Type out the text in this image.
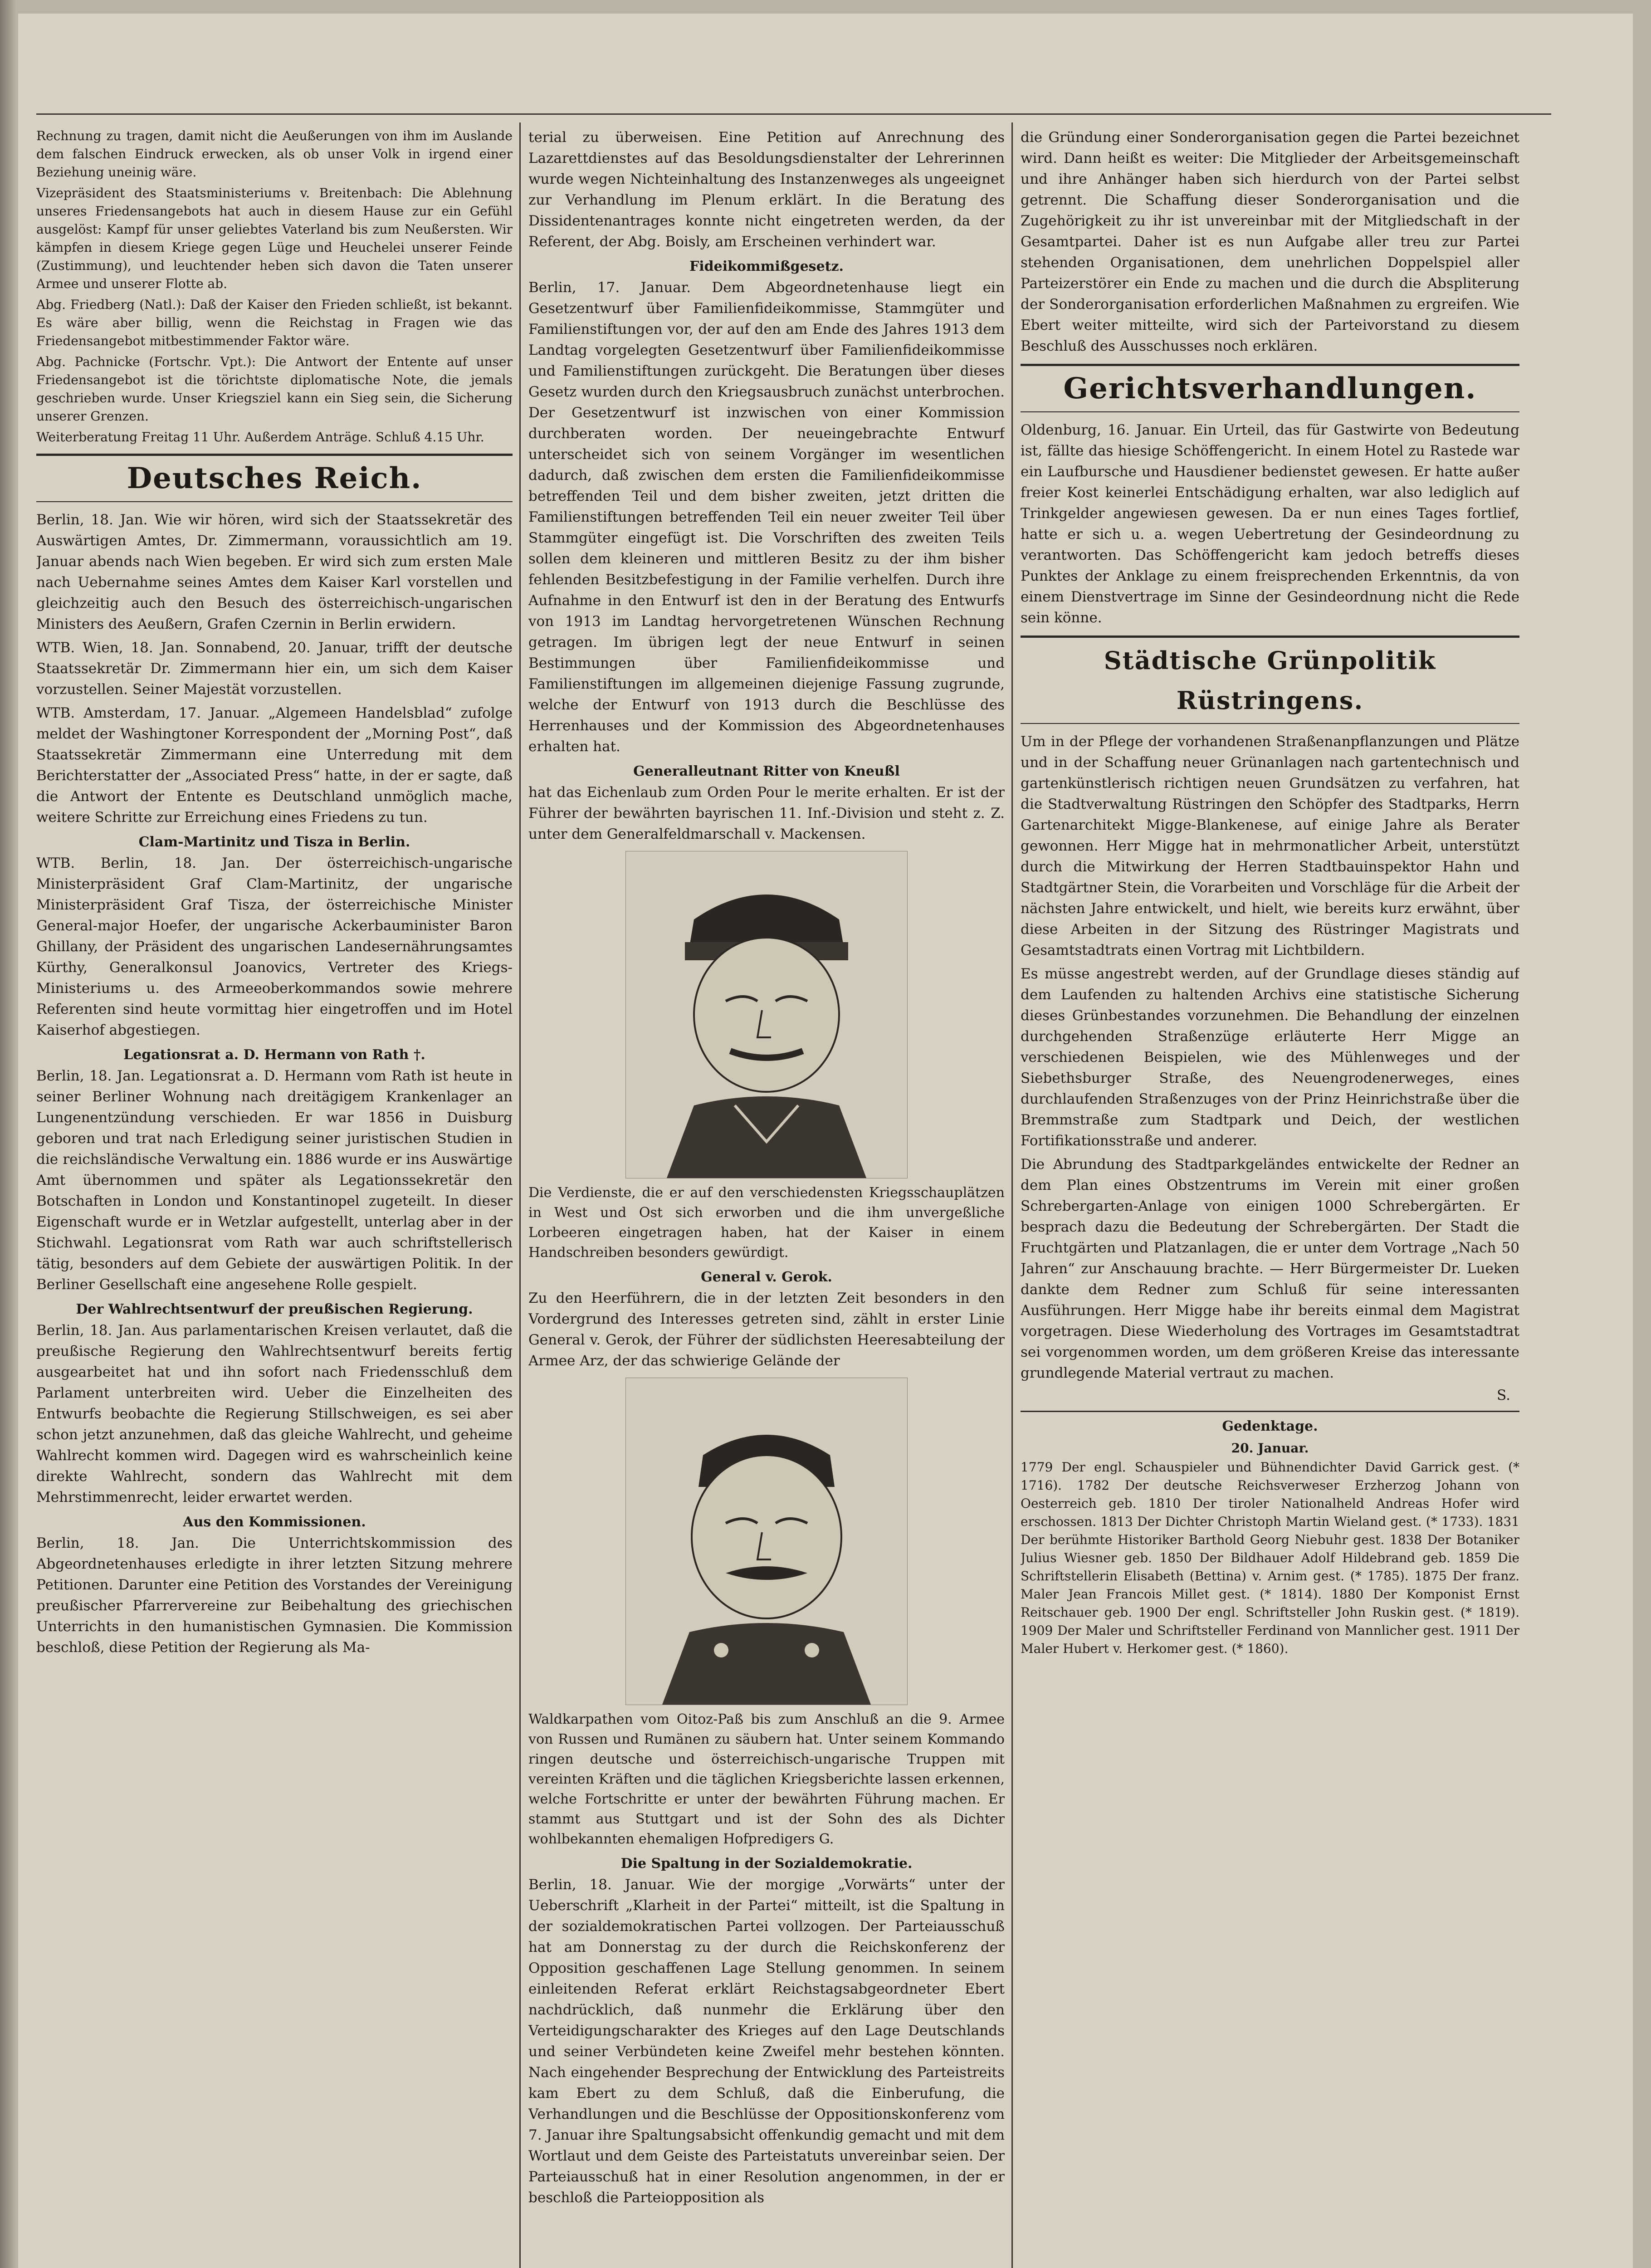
Rechnung zu tragen, damit nicht die Aeußerungen von ihm im Auslande dem falschen Eindruck erwecken, als ob unser Volk in irgend einer Beziehung uneinig wäre.

Vizepräsident des Staatsministeriums v. Breitenbach: Die Ablehnung unseres Friedensangebots hat auch in diesem Hause zur ein Gefühl ausgelöst: Kampf für unser geliebtes Vaterland bis zum Neußersten. Wir kämpfen in diesem Kriege gegen Lüge und Heuchelei unserer Feinde (Zustimmung), und leuchtender heben sich davon die Taten unserer Armee und unserer Flotte ab.

Abg. Friedberg (Natl.): Daß der Kaiser den Frieden schließt, ist bekannt. Es wäre aber billig, wenn die Reichstag in Fragen wie das Friedensangebot mitbestimmender Faktor wäre.

Abg. Pachnicke (Fortschr. Vpt.): Die Antwort der Entente auf unser Friedensangebot ist die törichtste diplomatische Note, die jemals geschrieben wurde. Unser Kriegsziel kann ein Sieg sein, die Sicherung unserer Grenzen.

Weiterberatung Freitag 11 Uhr. Außerdem Anträge. Schluß 4.15 Uhr.

Deutsches Reich.

Berlin, 18. Jan. Wie wir hören, wird sich der Staatssekretär des Auswärtigen Amtes, Dr. Zimmermann, voraussichtlich am 19. Januar abends nach Wien begeben. Er wird sich zum ersten Male nach Uebernahme seines Amtes dem Kaiser Karl vorstellen und gleichzeitig auch den Besuch des österreichisch-ungarischen Ministers des Aeußern, Grafen Czernin in Berlin erwidern.

WTB. Wien, 18. Jan. Sonnabend, 20. Januar, trifft der deutsche Staatssekretär Dr. Zimmermann hier ein, um sich dem Kaiser vorzustellen. Seiner Majestät vorzustellen.

WTB. Amsterdam, 17. Januar. „Algemeen Handelsblad“ zufolge meldet der Washingtoner Korrespondent der „Morning Post“, daß Staatssekretär Zimmermann eine Unterredung mit dem Berichterstatter der „Associated Press“ hatte, in der er sagte, daß die Antwort der Entente es Deutschland unmöglich mache, weitere Schritte zur Erreichung eines Friedens zu tun.

Clam-Martinitz und Tisza in Berlin.

WTB. Berlin, 18. Jan. Der österreichisch-ungarische Ministerpräsident Graf Clam-Martinitz, der ungarische Ministerpräsident Graf Tisza, der österreichische Minister General-major Hoefer, der ungarische Ackerbauminister Baron Ghillany, der Präsident des ungarischen Landesernährungsamtes Kürthy, Generalkonsul Joanovics, Vertreter des Kriegs-Ministeriums u. des Armeeoberkommandos sowie mehrere Referenten sind heute vormittag hier eingetroffen und im Hotel Kaiserhof abgestiegen.

Legationsrat a. D. Hermann von Rath †.

Berlin, 18. Jan. Legationsrat a. D. Hermann vom Rath ist heute in seiner Berliner Wohnung nach dreitägigem Krankenlager an Lungenentzündung verschieden. Er war 1856 in Duisburg geboren und trat nach Erledigung seiner juristischen Studien in die reichsländische Verwaltung ein. 1886 wurde er ins Auswärtige Amt übernommen und später als Legationssekretär den Botschaften in London und Konstantinopel zugeteilt. In dieser Eigenschaft wurde er in Wetzlar aufgestellt, unterlag aber in der Stichwahl. Legationsrat vom Rath war auch schriftstellerisch tätig, besonders auf dem Gebiete der auswärtigen Politik. In der Berliner Gesellschaft eine angesehene Rolle gespielt.

Der Wahlrechtsentwurf der preußischen Regierung.

Berlin, 18. Jan. Aus parlamentarischen Kreisen verlautet, daß die preußische Regierung den Wahlrechtsentwurf bereits fertig ausgearbeitet hat und ihn sofort nach Friedensschluß dem Parlament unterbreiten wird. Ueber die Einzelheiten des Entwurfs beobachte die Regierung Stillschweigen, es sei aber schon jetzt anzunehmen, daß das gleiche Wahlrecht, und geheime Wahlrecht kommen wird. Dagegen wird es wahrscheinlich keine direkte Wahlrecht, sondern das Wahlrecht mit dem Mehrstimmenrecht, leider erwartet werden.

Aus den Kommissionen.

Berlin, 18. Jan. Die Unterrichtskommission des Abgeordnetenhauses erledigte in ihrer letzten Sitzung mehrere Petitionen. Darunter eine Petition des Vorstandes der Vereinigung preußischer Pfarrervereine zur Beibehaltung des griechischen Unterrichts in den humanistischen Gymnasien. Die Kommission beschloß, diese Petition der Regierung als Ma-

terial zu überweisen. Eine Petition auf Anrechnung des Lazarettdienstes auf das Besoldungsdienstalter der Lehrerinnen wurde wegen Nichteinhaltung des Instanzenweges als ungeeignet zur Verhandlung im Plenum erklärt. In die Beratung des Dissidentenantrages konnte nicht eingetreten werden, da der Referent, der Abg. Boisly, am Erscheinen verhindert war.

Fideikommißgesetz.

Berlin, 17. Januar. Dem Abgeordnetenhause liegt ein Gesetzentwurf über Familienfideikommisse, Stammgüter und Familienstiftungen vor, der auf den am Ende des Jahres 1913 dem Landtag vorgelegten Gesetzentwurf über Familienfideikommisse und Familienstiftungen zurückgeht. Die Beratungen über dieses Gesetz wurden durch den Kriegsausbruch zunächst unterbrochen. Der Gesetzentwurf ist inzwischen von einer Kommission durchberaten worden. Der neueingebrachte Entwurf unterscheidet sich von seinem Vorgänger im wesentlichen dadurch, daß zwischen dem ersten die Familienfideikommisse betreffenden Teil und dem bisher zweiten, jetzt dritten die Familienstiftungen betreffenden Teil ein neuer zweiter Teil über Stammgüter eingefügt ist. Die Vorschriften des zweiten Teils sollen dem kleineren und mittleren Besitz zu der ihm bisher fehlenden Besitzbefestigung in der Familie verhelfen. Durch ihre Aufnahme in den Entwurf ist den in der Beratung des Entwurfs von 1913 im Landtag hervorgetretenen Wünschen Rechnung getragen. Im übrigen legt der neue Entwurf in seinen Bestimmungen über Familienfideikommisse und Familienstiftungen im allgemeinen diejenige Fassung zugrunde, welche der Entwurf von 1913 durch die Beschlüsse des Herrenhauses und der Kommission des Abgeordnetenhauses erhalten hat.

Generalleutnant Ritter von Kneußl

hat das Eichenlaub zum Orden Pour le merite erhalten. Er ist der Führer der bewährten bayrischen 11. Inf.-Division und steht z. Z. unter dem Generalfeldmarschall v. Mackensen.

Die Verdienste, die er auf den verschiedensten Kriegsschauplätzen in West und Ost sich erworben und die ihm unvergeßliche Lorbeeren eingetragen haben, hat der Kaiser in einem Handschreiben besonders gewürdigt.

General v. Gerok.

Zu den Heerführern, die in der letzten Zeit besonders in den Vordergrund des Interesses getreten sind, zählt in erster Linie General v. Gerok, der Führer der südlichsten Heeresabteilung der Armee Arz, der das schwierige Gelände der

Waldkarpathen vom Oitoz-Paß bis zum Anschluß an die 9. Armee von Russen und Rumänen zu säubern hat. Unter seinem Kommando ringen deutsche und österreichisch-ungarische Truppen mit vereinten Kräften und die täglichen Kriegsberichte lassen erkennen, welche Fortschritte er unter der bewährten Führung machen. Er stammt aus Stuttgart und ist der Sohn des als Dichter wohlbekannten ehemaligen Hofpredigers G.

Die Spaltung in der Sozialdemokratie.

Berlin, 18. Januar. Wie der morgige „Vorwärts“ unter der Ueberschrift „Klarheit in der Partei“ mitteilt, ist die Spaltung in der sozialdemokratischen Partei vollzogen. Der Parteiausschuß hat am Donnerstag zu der durch die Reichskonferenz der Opposition geschaffenen Lage Stellung genommen. In seinem einleitenden Referat erklärt Reichstagsabgeordneter Ebert nachdrücklich, daß nunmehr die Erklärung über den Verteidigungscharakter des Krieges auf den Lage Deutschlands und seiner Verbündeten keine Zweifel mehr bestehen könnten. Nach eingehender Besprechung der Entwicklung des Parteistreits kam Ebert zu dem Schluß, daß die Einberufung, die Verhandlungen und die Beschlüsse der Oppositionskonferenz vom 7. Januar ihre Spaltungsabsicht offenkundig gemacht und mit dem Wortlaut und dem Geiste des Parteistatuts unvereinbar seien. Der Parteiausschuß hat in einer Resolution angenommen, in der er beschloß die Parteiopposition als

die Gründung einer Sonderorganisation gegen die Partei bezeichnet wird. Dann heißt es weiter: Die Mitglieder der Arbeitsgemeinschaft und ihre Anhänger haben sich hierdurch von der Partei selbst getrennt. Die Schaffung dieser Sonderorganisation und die Zugehörigkeit zu ihr ist unvereinbar mit der Mitgliedschaft in der Gesamtpartei. Daher ist es nun Aufgabe aller treu zur Partei stehenden Organisationen, dem unehrlichen Doppelspiel aller Parteizerstörer ein Ende zu machen und die durch die Abspliterung der Sonderorganisation erforderlichen Maßnahmen zu ergreifen. Wie Ebert weiter mitteilte, wird sich der Parteivorstand zu diesem Beschluß des Ausschusses noch erklären.

Gerichtsverhandlungen.

Oldenburg, 16. Januar. Ein Urteil, das für Gastwirte von Bedeutung ist, fällte das hiesige Schöffengericht. In einem Hotel zu Rastede war ein Laufbursche und Hausdiener bedienstet gewesen. Er hatte außer freier Kost keinerlei Entschädigung erhalten, war also lediglich auf Trinkgelder angewiesen gewesen. Da er nun eines Tages fortlief, hatte er sich u. a. wegen Uebertretung der Gesindeordnung zu verantworten. Das Schöffengericht kam jedoch betreffs dieses Punktes der Anklage zu einem freisprechenden Erkenntnis, da von einem Dienstvertrage im Sinne der Gesindeordnung nicht die Rede sein könne.

Städtische Grünpolitik Rüstringens.

Um in der Pflege der vorhandenen Straßenanpflanzungen und Plätze und in der Schaffung neuer Grünanlagen nach gartentechnisch und gartenkünstlerisch richtigen neuen Grundsätzen zu verfahren, hat die Stadtverwaltung Rüstringen den Schöpfer des Stadtparks, Herrn Gartenarchitekt Migge-Blankenese, auf einige Jahre als Berater gewonnen. Herr Migge hat in mehrmonatlicher Arbeit, unterstützt durch die Mitwirkung der Herren Stadtbauinspektor Hahn und Stadtgärtner Stein, die Vorarbeiten und Vorschläge für die Arbeit der nächsten Jahre entwickelt, und hielt, wie bereits kurz erwähnt, über diese Arbeiten in der Sitzung des Rüstringer Magistrats und Gesamtstadtrats einen Vortrag mit Lichtbildern.

Es müsse angestrebt werden, auf der Grundlage dieses ständig auf dem Laufenden zu haltenden Archivs eine statistische Sicherung dieses Grünbestandes vorzunehmen. Die Behandlung der einzelnen durchgehenden Straßenzüge erläuterte Herr Migge an verschiedenen Beispielen, wie des Mühlenweges und der Siebethsburger Straße, des Neuengrodenerweges, eines durchlaufenden Straßenzuges von der Prinz Heinrichstraße über die Bremmstraße zum Stadtpark und Deich, der westlichen Fortifikationsstraße und anderer.

Die Abrundung des Stadtparkgeländes entwickelte der Redner an dem Plan eines Obstzentrums im Verein mit einer großen Schrebergarten-Anlage von einigen 1000 Schrebergärten. Er besprach dazu die Bedeutung der Schrebergärten. Der Stadt die Fruchtgärten und Platzanlagen, die er unter dem Vortrage „Nach 50 Jahren“ zur Anschauung brachte. — Herr Bürgermeister Dr. Lueken dankte dem Redner zum Schluß für seine interessanten Ausführungen. Herr Migge habe ihr bereits einmal dem Magistrat vorgetragen. Diese Wiederholung des Vortrages im Gesamtstadtrat sei vorgenommen worden, um dem größeren Kreise das interessante grundlegende Material vertraut zu machen.

S.
Gedenktage.
20. Januar.

1779 Der engl. Schauspieler und Bühnendichter David Garrick gest. (* 1716). 1782 Der deutsche Reichsverweser Erzherzog Johann von Oesterreich geb. 1810 Der tiroler Nationalheld Andreas Hofer wird erschossen. 1813 Der Dichter Christoph Martin Wieland gest. (* 1733). 1831 Der berühmte Historiker Barthold Georg Niebuhr gest. 1838 Der Botaniker Julius Wiesner geb. 1850 Der Bildhauer Adolf Hildebrand geb. 1859 Die Schriftstellerin Elisabeth (Bettina) v. Arnim gest. (* 1785). 1875 Der franz. Maler Jean Francois Millet gest. (* 1814). 1880 Der Komponist Ernst Reitschauer geb. 1900 Der engl. Schriftsteller John Ruskin gest. (* 1819). 1909 Der Maler und Schriftsteller Ferdinand von Mannlicher gest. 1911 Der Maler Hubert v. Herkomer gest. (* 1860).
